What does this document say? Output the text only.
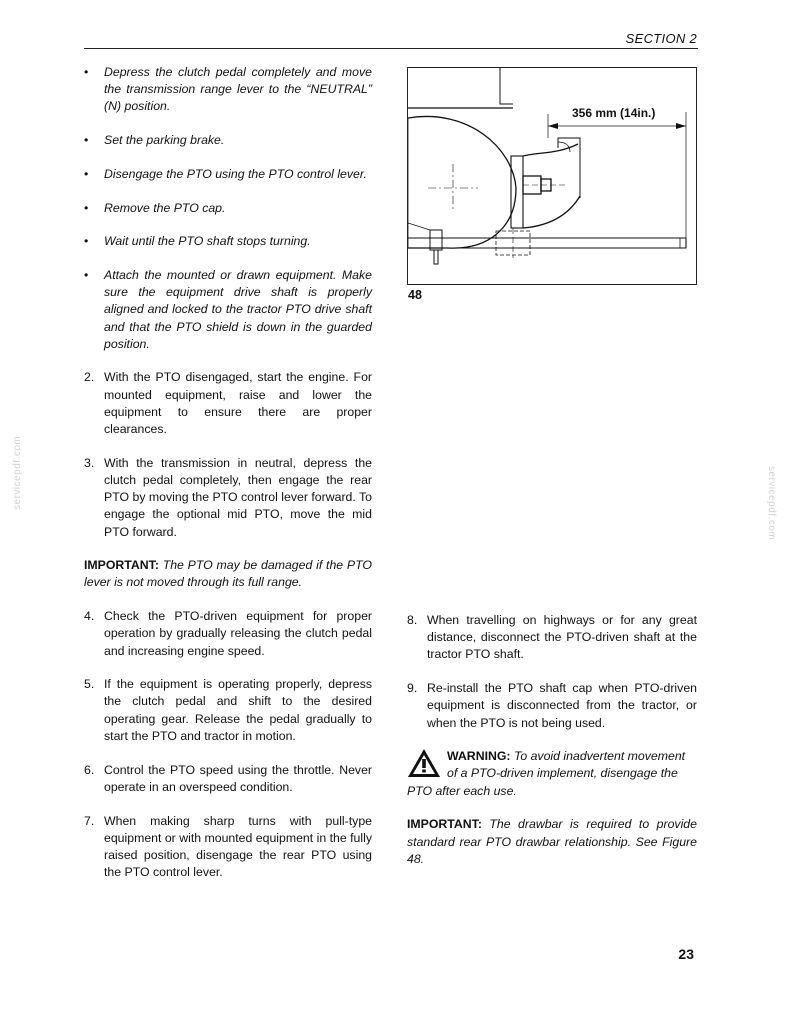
SECTION 2
servicepdf.com	servicepdf.com
• Depress the clutch pedal completely and move the transmission range lever to the “NEUTRAL” (N) position.
• Set the parking brake.
• Disengage the PTO using the PTO control lever.
• Remove the PTO cap.
• Wait until the PTO shaft stops turning.
• Attach the mounted or drawn equipment. Make sure the equipment drive shaft is properly aligned and locked to the tractor PTO drive shaft and that the PTO shield is down in the guarded position.
2. With the PTO disengaged, start the engine. For mounted equipment, raise and lower the equipment to ensure there are proper clearances.
3. With the transmission in neutral, depress the clutch pedal completely, then engage the rear PTO by moving the PTO control lever forward. To engage the optional mid PTO, move the mid PTO forward.
IMPORTANT: The PTO may be damaged if the PTO lever is not moved through its full range.
4. Check the PTO-driven equipment for proper operation by gradually releasing the clutch pedal and increasing engine speed.
5. If the equipment is operating properly, depress the clutch pedal and shift to the desired operating gear. Release the pedal gradually to start the PTO and tractor in motion.
6. Control the PTO speed using the throttle. Never operate in an overspeed condition.
7. When making sharp turns with pull-type equipment or with mounted equipment in the fully raised position, disengage the rear PTO using the PTO control lever.
356 mm (14in.)
48
8. When travelling on highways or for any great distance, disconnect the PTO-driven shaft at the tractor PTO shaft.
9. Re-install the PTO shaft cap when PTO-driven equipment is disconnected from the tractor, or when the PTO is not being used.
WARNING: To avoid inadvertent movement of a PTO-driven implement, disengage the PTO after each use.
IMPORTANT: The drawbar is required to provide standard rear PTO drawbar relationship. See Figure 48.
23
